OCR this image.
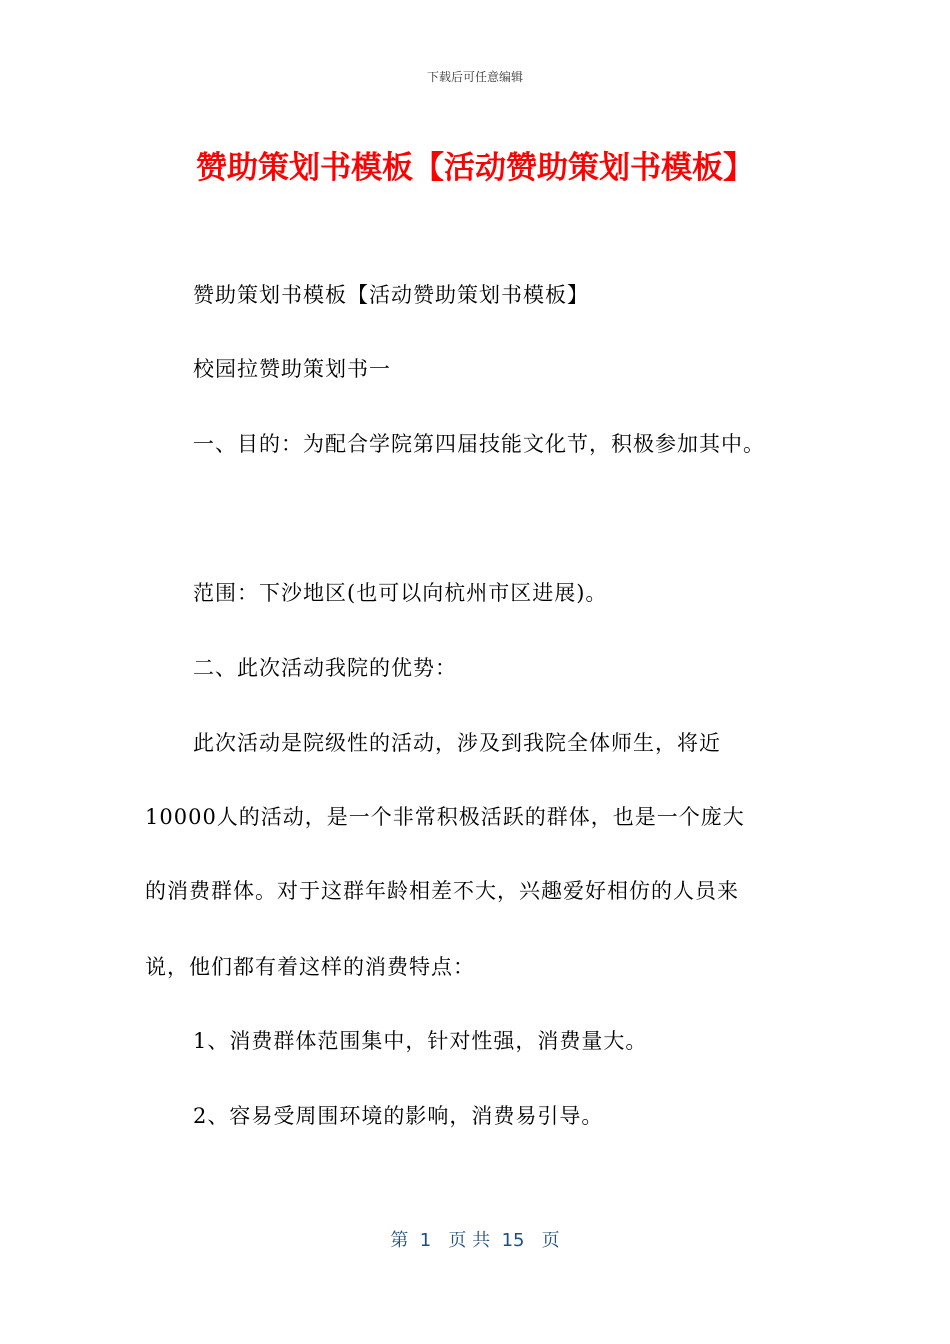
下载后可任意编辑
赞助策划书模板【活动赞助策划书模板】
赞助策划书模板【活动赞助策划书模板】
校园拉赞助策划书一
一、目的：为配合学院第四届技能文化节，积极参加其中。
范围：下沙地区(也可以向杭州市区进展)。
二、此次活动我院的优势：
此次活动是院级性的活动，涉及到我院全体师生，将近
10000人的活动，是一个非常积极活跃的群体，也是一个庞大
的消费群体。对于这群年龄相差不大，兴趣爱好相仿的人员来
说，他们都有着这样的消费特点：
1、消费群体范围集中，针对性强，消费量大。
2、容易受周围环境的影响，消费易引导。
第  1   页 共  15   页
